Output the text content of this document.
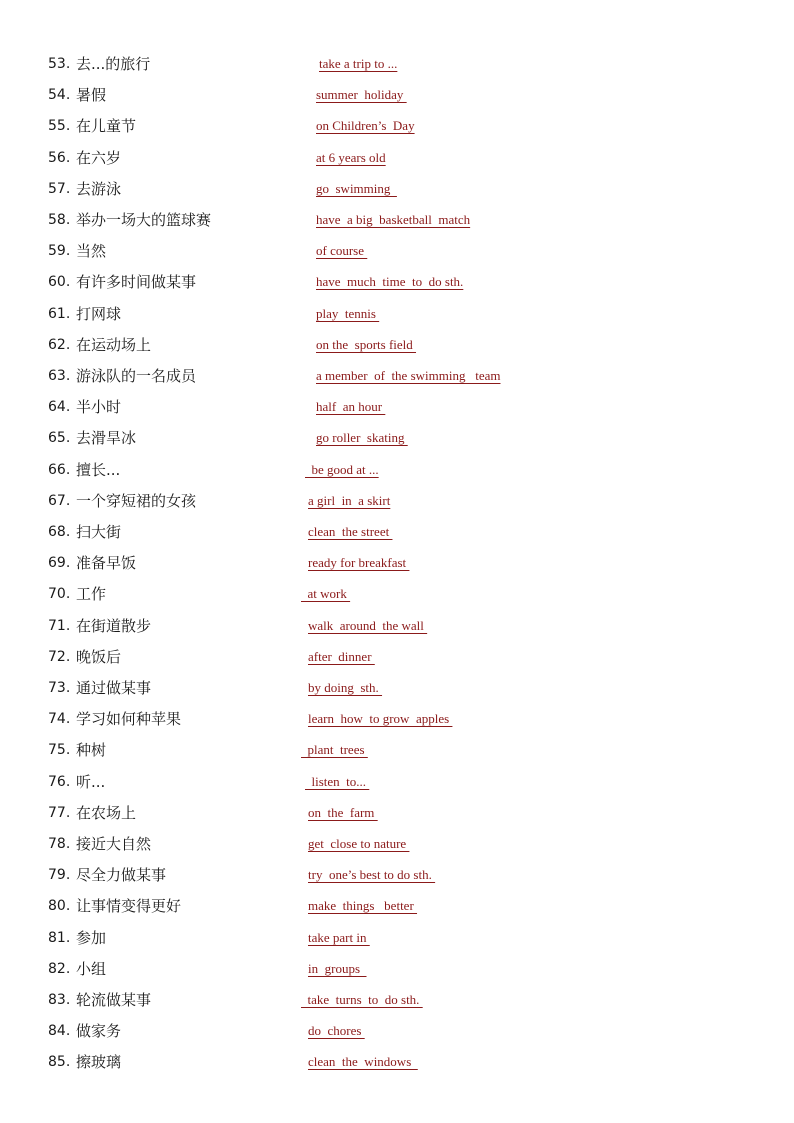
53. 去...的旅行	take a trip to ...
54. 暑假	summer  holiday
55. 在儿童节	on Children’s  Day
56. 在六岁	at 6 years old
57. 去游泳	go  swimming
58. 举办一场大的篮球赛	have  a big  basketball  match
59. 当然	of course
60. 有许多时间做某事	have  much  time  to  do sth.
61. 打网球	play  tennis
62. 在运动场上	on the  sports field
63. 游泳队的一名成员	a member  of  the swimming   team
64. 半小时	half  an hour
65. 去滑旱冰	go roller  skating
66. 擅长...	be good at ...
67. 一个穿短裙的女孩	a girl  in  a skirt
68. 扫大街	clean  the street
69. 准备早饭	ready for breakfast
70. 工作	at work
71. 在街道散步	walk  around  the wall
72. 晚饭后	after  dinner
73. 通过做某事	by doing  sth.
74. 学习如何种苹果	learn  how  to grow  apples
75. 种树	plant  trees
76. 听...	listen  to...
77. 在农场上	on  the  farm
78. 接近大自然	get  close to nature
79. 尽全力做某事	try  one’s best to do sth.
80. 让事情变得更好	make  things   better
81. 参加	take part in
82. 小组	in  groups
83. 轮流做某事	take  turns  to  do sth.
84. 做家务	do  chores
85. 擦玻璃	clean  the  windows
